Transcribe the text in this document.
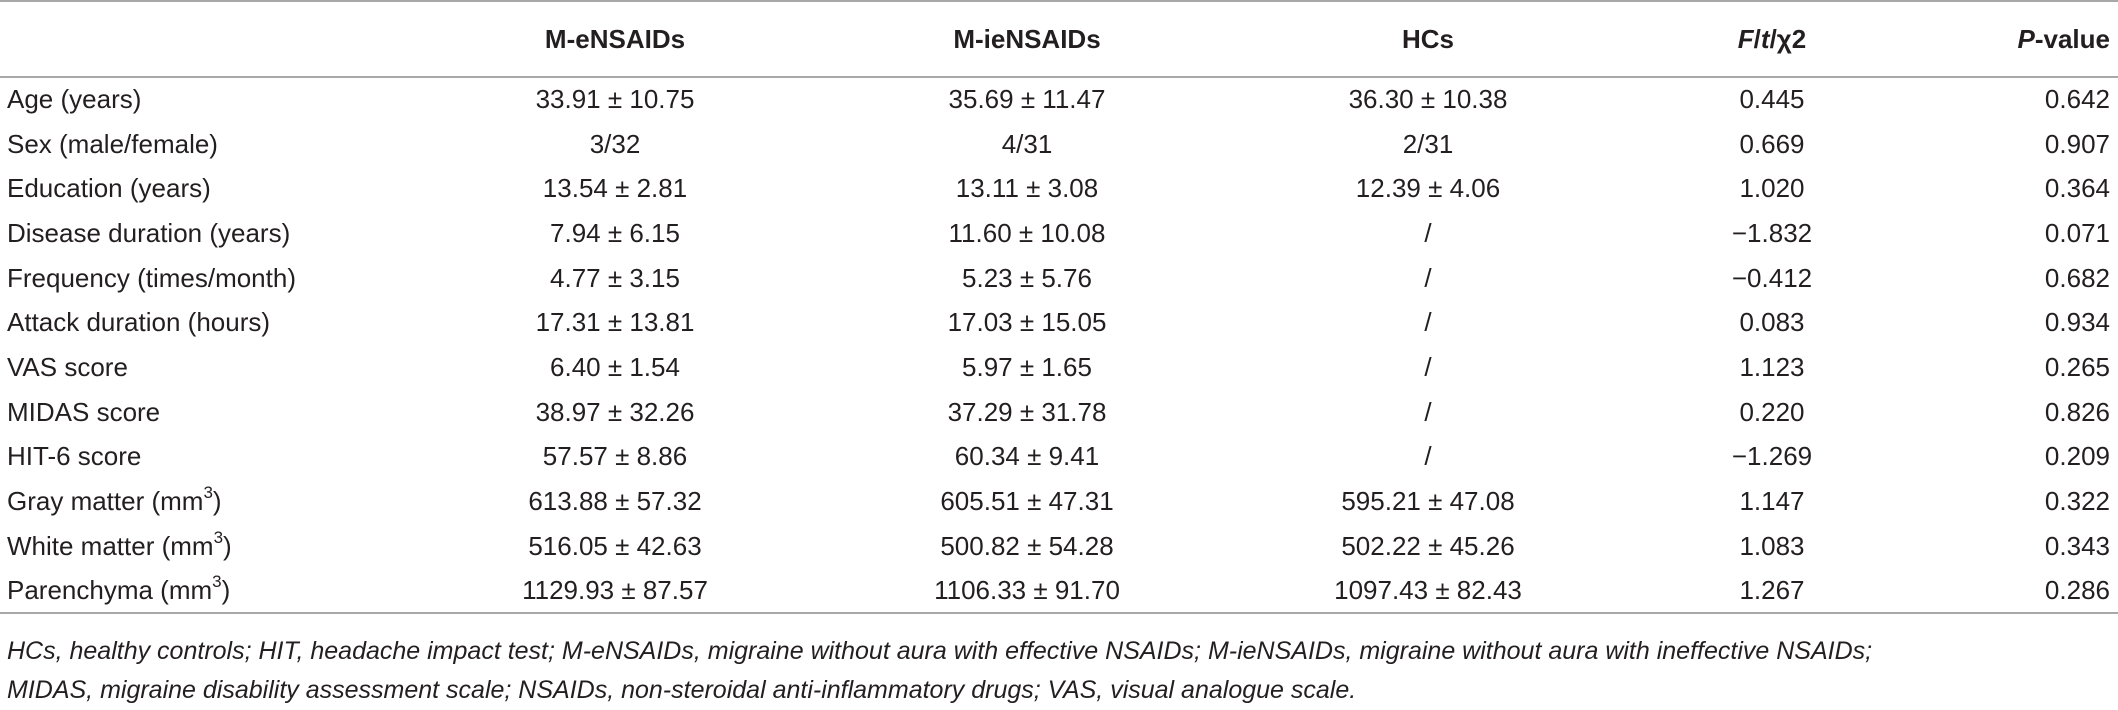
	M-eNSAIDs	M-ieNSAIDs	HCs	F/t/χ2	P-value
Age (years)	33.91 ± 10.75	35.69 ± 11.47	36.30 ± 10.38	0.445	0.642
Sex (male/female)	3/32	4/31	2/31	0.669	0.907
Education (years)	13.54 ± 2.81	13.11 ± 3.08	12.39 ± 4.06	1.020	0.364
Disease duration (years)	7.94 ± 6.15	11.60 ± 10.08	/	−1.832	0.071
Frequency (times/month)	4.77 ± 3.15	5.23 ± 5.76	/	−0.412	0.682
Attack duration (hours)	17.31 ± 13.81	17.03 ± 15.05	/	0.083	0.934
VAS score	6.40 ± 1.54	5.97 ± 1.65	/	1.123	0.265
MIDAS score	38.97 ± 32.26	37.29 ± 31.78	/	0.220	0.826
HIT-6 score	57.57 ± 8.86	60.34 ± 9.41	/	−1.269	0.209
Gray matter $(mm^3)$	613.88 ± 57.32	605.51 ± 47.31	595.21 ± 47.08	1.147	0.322
White matter $(mm^3)$	516.05 ± 42.63	500.82 ± 54.28	502.22 ± 45.26	1.083	0.343
Parenchyma $(mm^3)$	1129.93 ± 87.57	1106.33 ± 91.70	1097.43 ± 82.43	1.267	0.286
HCs, healthy controls; HIT, headache impact test; M-eNSAIDs, migraine without aura with effective NSAIDs; M-ieNSAIDs, migraine without aura with ineffective NSAIDs;
MIDAS, migraine disability assessment scale; NSAIDs, non-steroidal anti-inflammatory drugs; VAS, visual analogue scale.
